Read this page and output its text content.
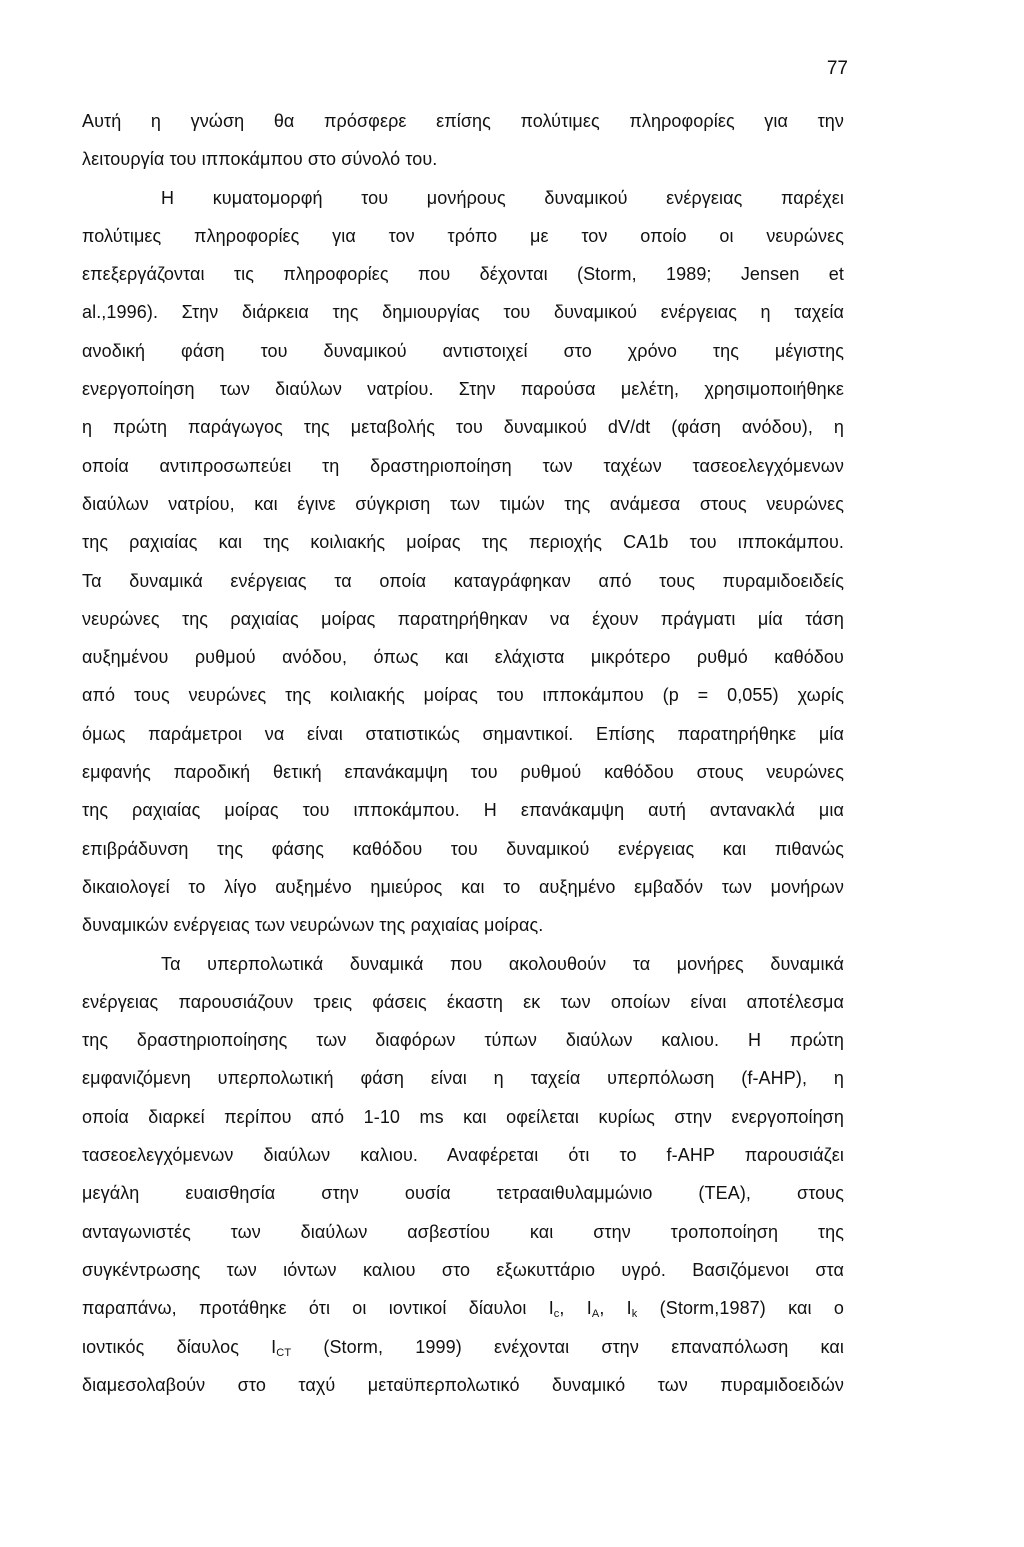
77
Αυτή η γνώση θα πρόσφερε επίσης πολύτιμες πληροφορίες για την
λειτουργία του ιπποκάμπου στο σύνολό του.
Η κυματομορφή του μονήρους δυναμικού ενέργειας παρέχει
πολύτιμες πληροφορίες για τον τρόπο με τον οποίο οι νευρώνες
επεξεργάζονται τις πληροφορίες που δέχονται (Storm, 1989; Jensen et
al.,1996). Στην διάρκεια της δημιουργίας του δυναμικού ενέργειας η ταχεία
ανοδική φάση του δυναμικού αντιστοιχεί στο χρόνο της μέγιστης
ενεργοποίηση των διαύλων νατρίου. Στην παρούσα μελέτη, χρησιμοποιήθηκε
η πρώτη παράγωγος της μεταβολής του δυναμικού dV/dt (φάση ανόδου), η
οποία αντιπροσωπεύει τη δραστηριοποίηση των ταχέων τασεοελεγχόμενων
διαύλων νατρίου, και έγινε σύγκριση των τιμών της ανάμεσα στους νευρώνες
της ραχιαίας και της κοιλιακής μοίρας της περιοχής CA1b του ιπποκάμπου.
Τα δυναμικά ενέργειας τα οποία καταγράφηκαν από τους πυραμιδοειδείς
νευρώνες της ραχιαίας μοίρας παρατηρήθηκαν να έχουν πράγματι μία τάση
αυξημένου ρυθμού ανόδου, όπως και ελάχιστα μικρότερο ρυθμό καθόδου
από τους νευρώνες της κοιλιακής μοίρας του ιπποκάμπου (p = 0,055) χωρίς
όμως παράμετροι να είναι στατιστικώς σημαντικοί. Επίσης παρατηρήθηκε μία
εμφανής παροδική θετική επανάκαμψη του ρυθμού καθόδου στους νευρώνες
της ραχιαίας μοίρας του ιπποκάμπου. Η επανάκαμψη αυτή αντανακλά μια
επιβράδυνση της φάσης καθόδου του δυναμικού ενέργειας και πιθανώς
δικαιολογεί το λίγο αυξημένο ημιεύρος και το αυξημένο εμβαδόν των μονήρων
δυναμικών ενέργειας των νευρώνων της ραχιαίας μοίρας.
Τα υπερπολωτικά δυναμικά που ακολουθούν τα μονήρες δυναμικά
ενέργειας παρουσιάζουν τρεις φάσεις έκαστη εκ των οποίων είναι αποτέλεσμα
της δραστηριοποίησης των διαφόρων τύπων διαύλων καλιου. Η πρώτη
εμφανιζόμενη υπερπολωτική φάση είναι η ταχεία υπερπόλωση (f-AHP), η
οποία διαρκεί περίπου από 1-10 ms και οφείλεται κυρίως στην ενεργοποίηση
τασεοελεγχόμενων διαύλων καλιου. Αναφέρεται ότι το f-AHP παρουσιάζει
μεγάλη ευαισθησία στην ουσία τετρααιθυλαμμώνιο (TEA), στους
ανταγωνιστές των διαύλων ασβεστίου και στην τροποποίηση της
συγκέντρωσης των ιόντων καλιου στο εξωκυττάριο υγρό. Βασιζόμενοι στα
παραπάνω, προτάθηκε ότι οι ιοντικοί δίαυλοι $I_c$, $I_A$, $I_k$ (Storm,1987) και ο
ιοντικός δίαυλος $I_{CT}$ (Storm, 1999) ενέχονται στην επαναπόλωση και
διαμεσολαβούν στο ταχύ μεταϋπερπολωτικό δυναμικό των πυραμιδοειδών
